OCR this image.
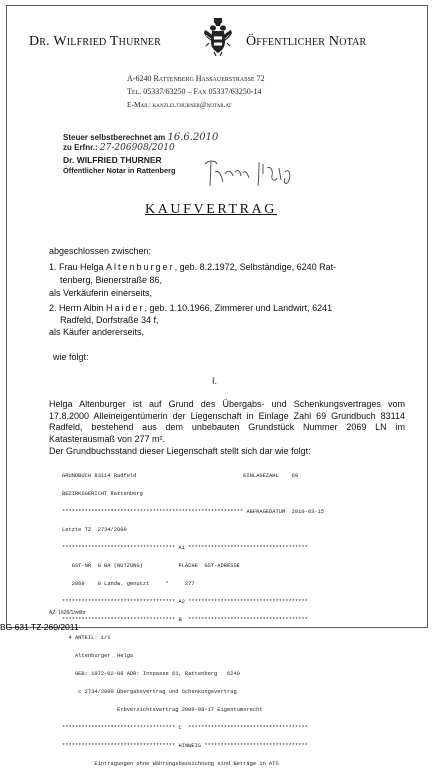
Dr. Wilfried Thurner	Öffentlicher Notar
A-6240 Rattenberg Hassauerstrasse 72
Tel. 05337/63250 – Fax 05337/63250-14
E-Mail: kanzlei.thurner@notar.at
Steuer selbstberechnet am 16.6.2010
zu Erfnr.: 27-206908/2010
Dr. WILFRIED THURNER
Öffentlicher Notar in Rattenberg
KAUFVERTRAG
abgeschlossen zwischen:
1. Frau Helga Altenburger, geb. 8.2.1972, Selbständige, 6240 Rat-
tenberg, Bienerstraße 86,
als Verkäuferin einerseits,
2. Herrn Albin Haider, geb. 1.10.1966, Zimmerer und Landwirt, 6241
Radfeld, Dorfstraße 34 f,
als Käufer andererseits,
wie folgt:
I.
Helga Altenburger ist auf Grund des Übergabs- und Schenkungsvertrages vom 17.8.2000 Alleineigentümerin der Liegenschaft in Einlage Zahl 69 Grundbuch 83114 Radfeld, bestehend aus dem unbebauten Grundstück Nummer 2069 LN im Katasterausmaß von 277 m².
Der Grundbuchsstand dieser Liegenschaft stellt sich dar wie folgt:

GRUNDBUCH 83114 Radfeld                                 EINLAGEZAHL    69

BEZIRKSGERICHT Rattenberg

******************************************************** ABFRAGEDATUM  2010-03-15

Letzte TZ  2734/2000

*********************************** A1 *************************************

GST-NR  G BA (NUTZUNG)           FLÄCHE  GST-ADRESSE

2069    G Landw. genutzt     *     277

*********************************** A2 *************************************

*********************************** B  *************************************

4 ANTEIL: 1/1

Altenburger  Helga

GEB: 1972-02-08 ADR: Innpasse 61, Rattenberg   6240

c 2734/2000 Übergabsvertrag und Schenkungsvertrag

Erbverzichtsvertrag 2000-08-17 Eigentumsrecht

*********************************** C  *************************************

*********************************** HINWEIS ********************************

Eintragungen ohne Währungsbezeichnung sind Beträge in ATS

AZ: 1626/1/wt/br
BG 631 TZ 260/2011
